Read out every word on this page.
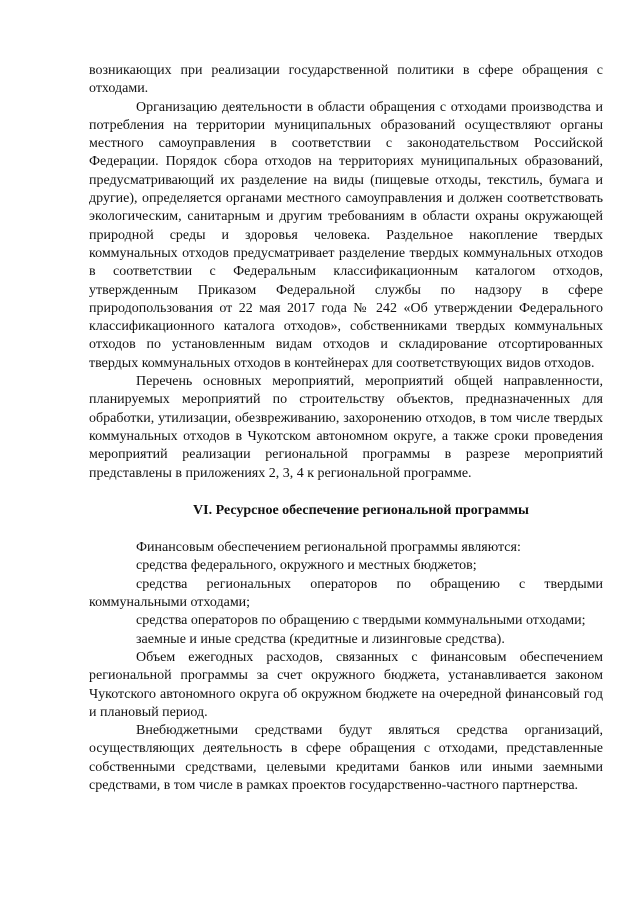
возникающих при реализации государственной политики в сфере обращения с отходами.

Организацию деятельности в области обращения с отходами производства и потребления на территории муниципальных образований осуществляют органы местного самоуправления в соответствии с законодательством Российской Федерации. Порядок сбора отходов на территориях муниципальных образований, предусматривающий их разделение на виды (пищевые отходы, текстиль, бумага и другие), определяется органами местного самоуправления и должен соответствовать экологическим, санитарным и другим требованиям в области охраны окружающей природной среды и здоровья человека. Раздельное накопление твердых коммунальных отходов предусматривает разделение твердых коммунальных отходов в соответствии с Федеральным классификационным каталогом отходов, утвержденным Приказом Федеральной службы по надзору в сфере природопользования от 22 мая 2017 года № 242 «Об утверждении Федерального классификационного каталога отходов», собственниками твердых коммунальных отходов по установленным видам отходов и складирование отсортированных твердых коммунальных отходов в контейнерах для соответствующих видов отходов.

Перечень основных мероприятий, мероприятий общей направленности, планируемых мероприятий по строительству объектов, предназначенных для обработки, утилизации, обезвреживанию, захоронению отходов, в том числе твердых коммунальных отходов в Чукотском автономном округе, а также сроки проведения мероприятий реализации региональной программы в разрезе мероприятий представлены в приложениях 2, 3, 4 к региональной программе.

VI. Ресурсное обеспечение региональной программы

Финансовым обеспечением региональной программы являются:

средства федерального, окружного и местных бюджетов;

средства региональных операторов по обращению с твердыми коммунальными отходами;

средства операторов по обращению с твердыми коммунальными отходами;

заемные и иные средства (кредитные и лизинговые средства).

Объем ежегодных расходов, связанных с финансовым обеспечением региональной программы за счет окружного бюджета, устанавливается законом Чукотского автономного округа об окружном бюджете на очередной финансовый год и плановый период.

Внебюджетными средствами будут являться средства организаций, осуществляющих деятельность в сфере обращения с отходами, представленные собственными средствами, целевыми кредитами банков или иными заемными средствами, в том числе в рамках проектов государственно-частного партнерства.
